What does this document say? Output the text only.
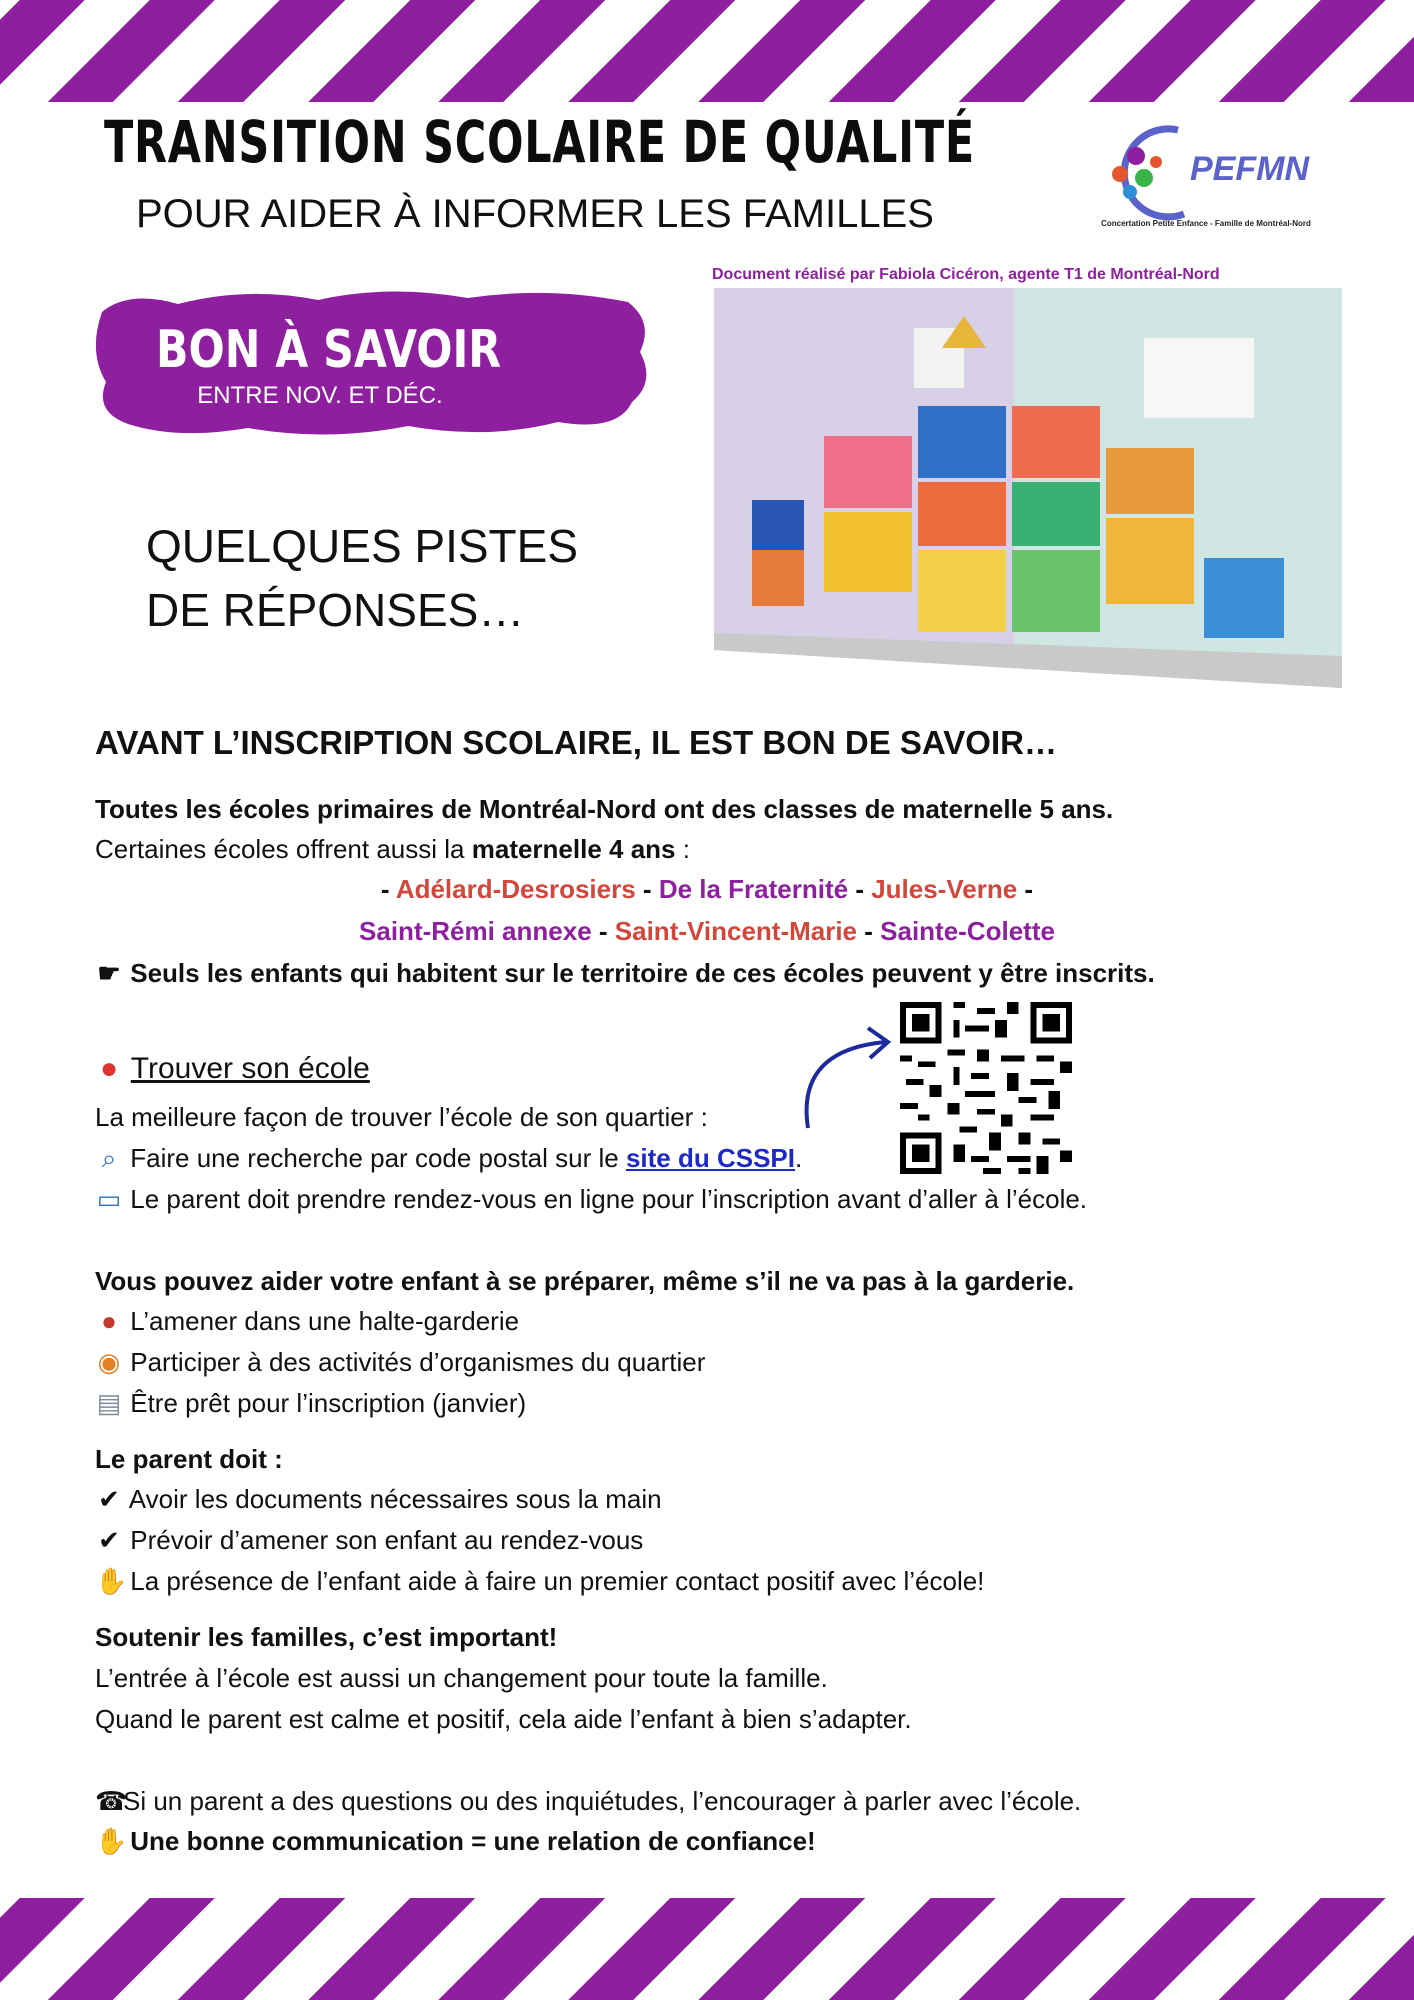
TRANSITION SCOLAIRE DE QUALITÉ
POUR AIDER À INFORMER LES FAMILLES
PEFMN
Concertation Petite Enfance - Famille de Montréal-Nord
Document réalisé par Fabiola Cicéron, agente T1 de Montréal-Nord
BON À SAVOIR
ENTRE NOV. ET DÉC.
QUELQUES PISTES
DE RÉPONSES…
AVANT L’INSCRIPTION SCOLAIRE, IL EST BON DE SAVOIR…
Toutes les écoles primaires de Montréal-Nord ont des classes de maternelle 5 ans.
Certaines écoles offrent aussi la maternelle 4 ans :
- Adélard-Desrosiers - De la Fraternité - Jules-Verne -
Saint-Rémi annexe - Saint-Vincent-Marie - Sainte-Colette
☛ Seuls les enfants qui habitent sur le territoire de ces écoles peuvent y être inscrits.
● Trouver son école
La meilleure façon de trouver l’école de son quartier :
⌕ Faire une recherche par code postal sur le site du CSSPI.
▭ Le parent doit prendre rendez-vous en ligne pour l’inscription avant d’aller à l’école.
Vous pouvez aider votre enfant à se préparer, même s’il ne va pas à la garderie.
● L’amener dans une halte-garderie
◉ Participer à des activités d’organismes du quartier
▤ Être prêt pour l’inscription (janvier)
Le parent doit :
✔ Avoir les documents nécessaires sous la main
✔ Prévoir d’amener son enfant au rendez-vous
✋ La présence de l’enfant aide à faire un premier contact positif avec l’école!
Soutenir les familles, c’est important!
L’entrée à l’école est aussi un changement pour toute la famille.
Quand le parent est calme et positif, cela aide l’enfant à bien s’adapter.
☎Si un parent a des questions ou des inquiétudes, l’encourager à parler avec l’école.
✋ Une bonne communication = une relation de confiance!
